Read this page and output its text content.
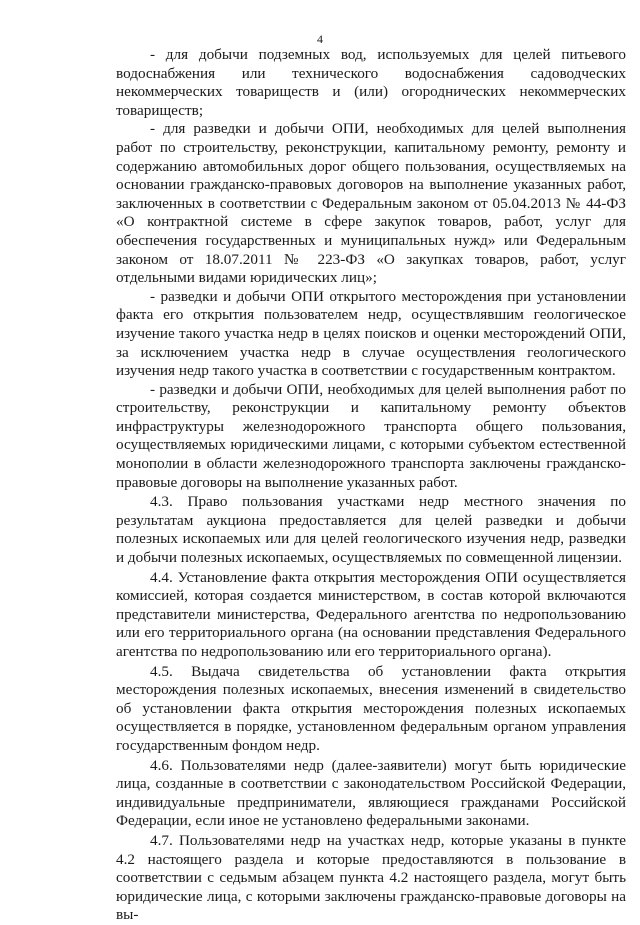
4

- для добычи подземных вод, используемых для целей питьевого водоснабжения или технического водоснабжения садоводческих некоммерческих товариществ и (или) огороднических некоммерческих товариществ;

- для разведки и добычи ОПИ, необходимых для целей выполнения работ по строительству, реконструкции, капитальному ремонту, ремонту и содержанию автомобильных дорог общего пользования, осуществляемых на основании гражданско-правовых договоров на выполнение указанных работ, заключенных в соответствии с Федеральным законом от 05.04.2013 № 44-ФЗ «О контрактной системе в сфере закупок товаров, работ, услуг для обеспечения государственных и муниципальных нужд» или Федеральным законом от 18.07.2011 № 223-ФЗ «О закупках товаров, работ, услуг отдельными видами юридических лиц»;

- разведки и добычи ОПИ открытого месторождения при установлении факта его открытия пользователем недр, осуществлявшим геологическое изучение такого участка недр в целях поисков и оценки месторождений ОПИ, за исключением участка недр в случае осуществления геологического изучения недр такого участка в соответствии с государственным контрактом.

- разведки и добычи ОПИ, необходимых для целей выполнения работ по строительству, реконструкции и капитальному ремонту объектов инфраструктуры железнодорожного транспорта общего пользования, осуществляемых юридическими лицами, с которыми субъектом естественной монополии в области железнодорожного транспорта заключены гражданско-правовые договоры на выполнение указанных работ.

4.3. Право пользования участками недр местного значения по результатам аукциона предоставляется для целей разведки и добычи полезных ископаемых или для целей геологического изучения недр, разведки и добычи полезных ископаемых, осуществляемых по совмещенной лицензии.

4.4. Установление факта открытия месторождения ОПИ осуществляется комиссией, которая создается министерством, в состав которой включаются представители министерства, Федерального агентства по недропользованию или его территориального органа (на основании представления Федерального агентства по недропользованию или его территориального органа).

4.5. Выдача свидетельства об установлении факта открытия месторождения полезных ископаемых, внесения изменений в свидетельство об установлении факта открытия месторождения полезных ископаемых осуществляется в порядке, установленном федеральным органом управления государственным фондом недр.

4.6. Пользователями недр (далее-заявители) могут быть юридические лица, созданные в соответствии с законодательством Российской Федерации, индивидуальные предприниматели, являющиеся гражданами Российской Федерации, если иное не установлено федеральными законами.

4.7. Пользователями недр на участках недр, которые указаны в пункте 4.2 настоящего раздела и которые предоставляются в пользование в соответствии с седьмым абзацем пункта 4.2 настоящего раздела, могут быть юридические лица, с которыми заключены гражданско-правовые договоры на вы-
